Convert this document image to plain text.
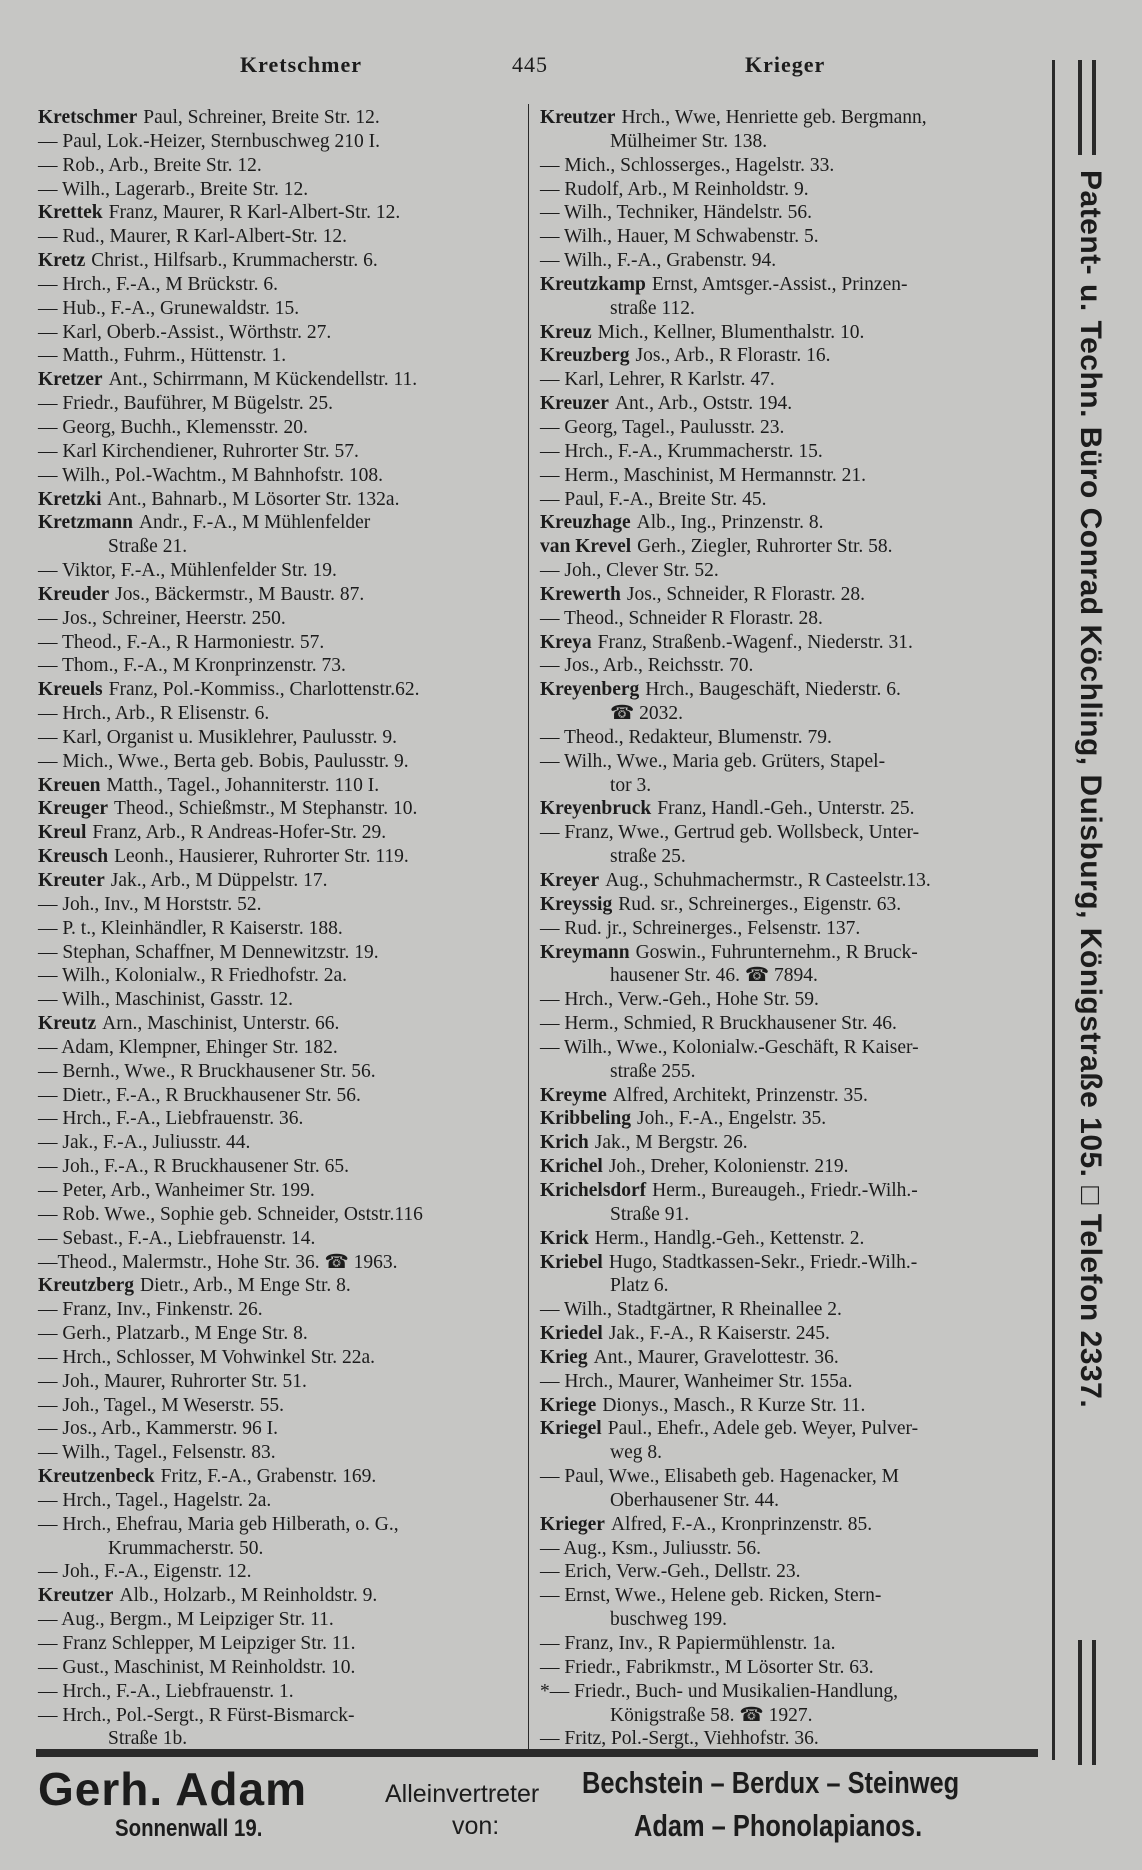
Kretschmer	445	Krieger
Kretschmer Paul, Schreiner, Breite Str. 12.
— Paul, Lok.-Heizer, Sternbuschweg 210 I.
— Rob., Arb., Breite Str. 12.
— Wilh., Lagerarb., Breite Str. 12.
Krettek Franz, Maurer, R Karl-Albert-Str. 12.
— Rud., Maurer, R Karl-Albert-Str. 12.
Kretz Christ., Hilfsarb., Krummacherstr. 6.
— Hrch., F.-A., M Brückstr. 6.
— Hub., F.-A., Grunewaldstr. 15.
— Karl, Oberb.-Assist., Wörthstr. 27.
— Matth., Fuhrm., Hüttenstr. 1.
Kretzer Ant., Schirrmann, M Kückendellstr. 11.
— Friedr., Bauführer, M Bügelstr. 25.
— Georg, Buchh., Klemensstr. 20.
— Karl Kirchendiener, Ruhrorter Str. 57.
— Wilh., Pol.-Wachtm., M Bahnhofstr. 108.
Kretzki Ant., Bahnarb., M Lösorter Str. 132a.
Kretzmann Andr., F.-A., M Mühlenfelder
Straße 21.
— Viktor, F.-A., Mühlenfelder Str. 19.
Kreuder Jos., Bäckermstr., M Baustr. 87.
— Jos., Schreiner, Heerstr. 250.
— Theod., F.-A., R Harmoniestr. 57.
— Thom., F.-A., M Kronprinzenstr. 73.
Kreuels Franz, Pol.-Kommiss., Charlottenstr.62.
— Hrch., Arb., R Elisenstr. 6.
— Karl, Organist u. Musiklehrer, Paulusstr. 9.
— Mich., Wwe., Berta geb. Bobis, Paulusstr. 9.
Kreuen Matth., Tagel., Johanniterstr. 110 I.
Kreuger Theod., Schießmstr., M Stephanstr. 10.
Kreul Franz, Arb., R Andreas-Hofer-Str. 29.
Kreusch Leonh., Hausierer, Ruhrorter Str. 119.
Kreuter Jak., Arb., M Düppelstr. 17.
— Joh., Inv., M Horststr. 52.
— P. t., Kleinhändler, R Kaiserstr. 188.
— Stephan, Schaffner, M Dennewitzstr. 19.
— Wilh., Kolonialw., R Friedhofstr. 2a.
— Wilh., Maschinist, Gasstr. 12.
Kreutz Arn., Maschinist, Unterstr. 66.
— Adam, Klempner, Ehinger Str. 182.
— Bernh., Wwe., R Bruckhausener Str. 56.
— Dietr., F.-A., R Bruckhausener Str. 56.
— Hrch., F.-A., Liebfrauenstr. 36.
— Jak., F.-A., Juliusstr. 44.
— Joh., F.-A., R Bruckhausener Str. 65.
— Peter, Arb., Wanheimer Str. 199.
— Rob. Wwe., Sophie geb. Schneider, Oststr.116
— Sebast., F.-A., Liebfrauenstr. 14.
—Theod., Malermstr., Hohe Str. 36. ☎ 1963.
Kreutzberg Dietr., Arb., M Enge Str. 8.
— Franz, Inv., Finkenstr. 26.
— Gerh., Platzarb., M Enge Str. 8.
— Hrch., Schlosser, M Vohwinkel Str. 22a.
— Joh., Maurer, Ruhrorter Str. 51.
— Joh., Tagel., M Weserstr. 55.
— Jos., Arb., Kammerstr. 96 I.
— Wilh., Tagel., Felsenstr. 83.
Kreutzenbeck Fritz, F.-A., Grabenstr. 169.
— Hrch., Tagel., Hagelstr. 2a.
— Hrch., Ehefrau, Maria geb Hilberath, o. G.,
Krummacherstr. 50.
— Joh., F.-A., Eigenstr. 12.
Kreutzer Alb., Holzarb., M Reinholdstr. 9.
— Aug., Bergm., M Leipziger Str. 11.
— Franz Schlepper, M Leipziger Str. 11.
— Gust., Maschinist, M Reinholdstr. 10.
— Hrch., F.-A., Liebfrauenstr. 1.
— Hrch., Pol.-Sergt., R Fürst-Bismarck-
Straße 1b.
Kreutzer Hrch., Wwe, Henriette geb. Bergmann,
Mülheimer Str. 138.
— Mich., Schlosserges., Hagelstr. 33.
— Rudolf, Arb., M Reinholdstr. 9.
— Wilh., Techniker, Händelstr. 56.
— Wilh., Hauer, M Schwabenstr. 5.
— Wilh., F.-A., Grabenstr. 94.
Kreutzkamp Ernst, Amtsger.-Assist., Prinzen-
straße 112.
Kreuz Mich., Kellner, Blumenthalstr. 10.
Kreuzberg Jos., Arb., R Florastr. 16.
— Karl, Lehrer, R Karlstr. 47.
Kreuzer Ant., Arb., Oststr. 194.
— Georg, Tagel., Paulusstr. 23.
— Hrch., F.-A., Krummacherstr. 15.
— Herm., Maschinist, M Hermannstr. 21.
— Paul, F.-A., Breite Str. 45.
Kreuzhage Alb., Ing., Prinzenstr. 8.
van Krevel Gerh., Ziegler, Ruhrorter Str. 58.
— Joh., Clever Str. 52.
Krewerth Jos., Schneider, R Florastr. 28.
— Theod., Schneider R Florastr. 28.
Kreya Franz, Straßenb.-Wagenf., Niederstr. 31.
— Jos., Arb., Reichsstr. 70.
Kreyenberg Hrch., Baugeschäft, Niederstr. 6.
☎ 2032.
— Theod., Redakteur, Blumenstr. 79.
— Wilh., Wwe., Maria geb. Grüters, Stapel-
tor 3.
Kreyenbruck Franz, Handl.-Geh., Unterstr. 25.
— Franz, Wwe., Gertrud geb. Wollsbeck, Unter-
straße 25.
Kreyer Aug., Schuhmachermstr., R Casteelstr.13.
Kreyssig Rud. sr., Schreinerges., Eigenstr. 63.
— Rud. jr., Schreinerges., Felsenstr. 137.
Kreymann Goswin., Fuhrunternehm., R Bruck-
hausener Str. 46. ☎ 7894.
— Hrch., Verw.-Geh., Hohe Str. 59.
— Herm., Schmied, R Bruckhausener Str. 46.
— Wilh., Wwe., Kolonialw.-Geschäft, R Kaiser-
straße 255.
Kreyme Alfred, Architekt, Prinzenstr. 35.
Kribbeling Joh., F.-A., Engelstr. 35.
Krich Jak., M Bergstr. 26.
Krichel Joh., Dreher, Kolonienstr. 219.
Krichelsdorf Herm., Bureaugeh., Friedr.-Wilh.-
Straße 91.
Krick Herm., Handlg.-Geh., Kettenstr. 2.
Kriebel Hugo, Stadtkassen-Sekr., Friedr.-Wilh.-
Platz 6.
— Wilh., Stadtgärtner, R Rheinallee 2.
Kriedel Jak., F.-A., R Kaiserstr. 245.
Krieg Ant., Maurer, Gravelottestr. 36.
— Hrch., Maurer, Wanheimer Str. 155a.
Kriege Dionys., Masch., R Kurze Str. 11.
Kriegel Paul., Ehefr., Adele geb. Weyer, Pulver-
weg 8.
— Paul, Wwe., Elisabeth geb. Hagenacker, M
Oberhausener Str. 44.
Krieger Alfred, F.-A., Kronprinzenstr. 85.
— Aug., Ksm., Juliusstr. 56.
— Erich, Verw.-Geh., Dellstr. 23.
— Ernst, Wwe., Helene geb. Ricken, Stern-
buschweg 199.
— Franz, Inv., R Papiermühlenstr. 1a.
— Friedr., Fabrikmstr., M Lösorter Str. 63.
*— Friedr., Buch- und Musikalien-Handlung,
Königstraße 58. ☎ 1927.
— Fritz, Pol.-Sergt., Viehhofstr. 36.
Patent- u. Techn. Büro Conrad Köchling, Duisburg, Königstraße 105. □ Telefon 2337.
Gerh. Adam	Alleinvertreter Bechstein – Berdux – Steinweg
Sonnenwall 19.	von:	Adam – Phonolapianos.
